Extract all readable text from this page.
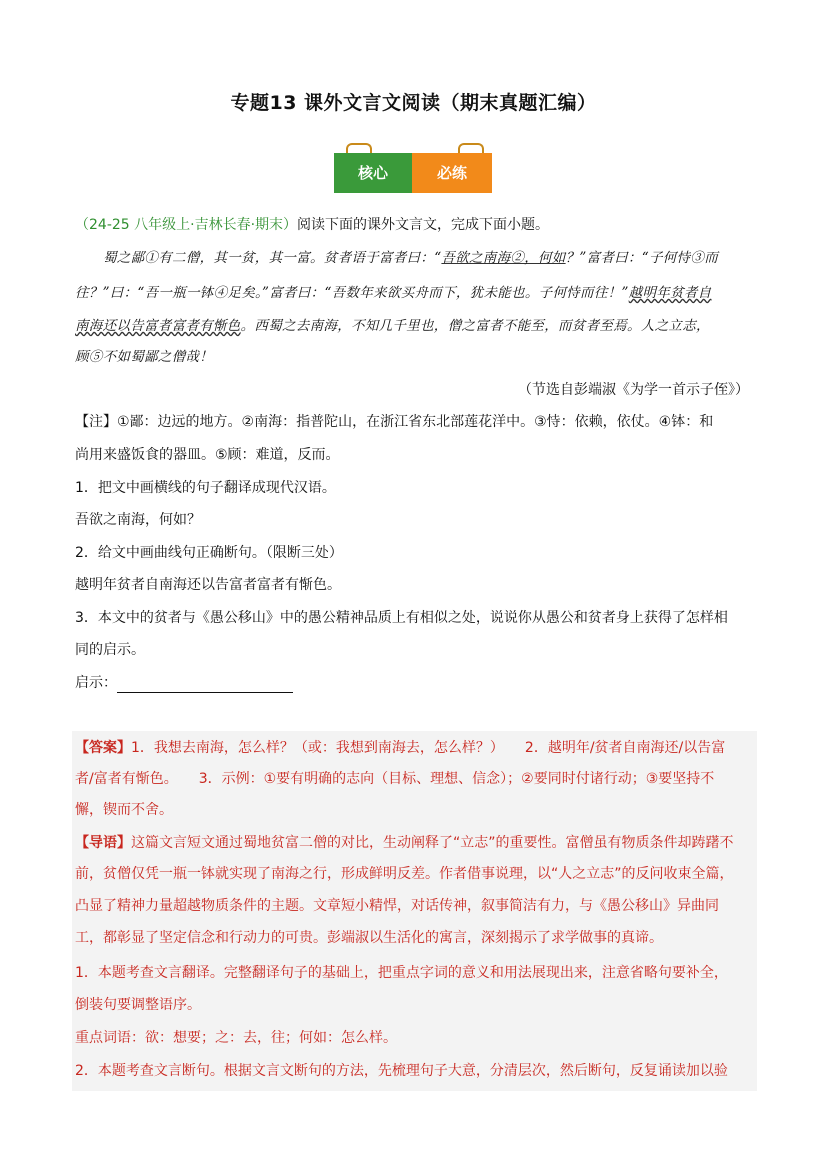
专题13 课外文言文阅读（期末真题汇编）
核心	必练
（24-25 八年级上·吉林长春·期末）阅读下面的课外文言文，完成下面小题。
蜀之鄙①有二僧，其一贫，其一富。贫者语于富者曰：“吾欲之南海②，何如？”富者曰：“子何恃③而
往？”曰：“吾一瓶一钵④足矣。”富者曰：“吾数年来欲买舟而下，犹未能也。子何恃而往！”越明年贫者自
南海还以告富者富者有惭色。西蜀之去南海，不知几千里也，僧之富者不能至，而贫者至焉。人之立志，
顾⑤不如蜀鄙之僧哉！
（节选自彭端淑《为学一首示子侄》）
【注】①鄙：边远的地方。②南海：指普陀山，在浙江省东北部莲花洋中。③恃：依赖，依仗。④钵：和
尚用来盛饭食的器皿。⑤顾：难道，反而。
1．把文中画横线的句子翻译成现代汉语。
吾欲之南海，何如？
2．给文中画曲线句正确断句。（限断三处）
越明年贫者自南海还以告富者富者有惭色。
3．本文中的贫者与《愚公移山》中的愚公精神品质上有相似之处，说说你从愚公和贫者身上获得了怎样相
同的启示。
启示：
【答案】1．我想去南海，怎么样？（或：我想到南海去，怎么样？）　　2．越明年/贫者自南海还/以告富
者/富者有惭色。　　3．示例：①要有明确的志向（目标、理想、信念）；②要同时付诸行动；③要坚持不
懈，锲而不舍。
【导语】这篇文言短文通过蜀地贫富二僧的对比，生动阐释了“立志”的重要性。富僧虽有物质条件却踌躇不
前，贫僧仅凭一瓶一钵就实现了南海之行，形成鲜明反差。作者借事说理，以“人之立志”的反问收束全篇，
凸显了精神力量超越物质条件的主题。文章短小精悍，对话传神，叙事简洁有力，与《愚公移山》异曲同
工，都彰显了坚定信念和行动力的可贵。彭端淑以生活化的寓言，深刻揭示了求学做事的真谛。
1．本题考查文言翻译。完整翻译句子的基础上，把重点字词的意义和用法展现出来，注意省略句要补全，
倒装句要调整语序。
重点词语：欲：想要；之：去，往；何如：怎么样。
2．本题考查文言断句。根据文言文断句的方法，先梳理句子大意，分清层次，然后断句，反复诵读加以验
